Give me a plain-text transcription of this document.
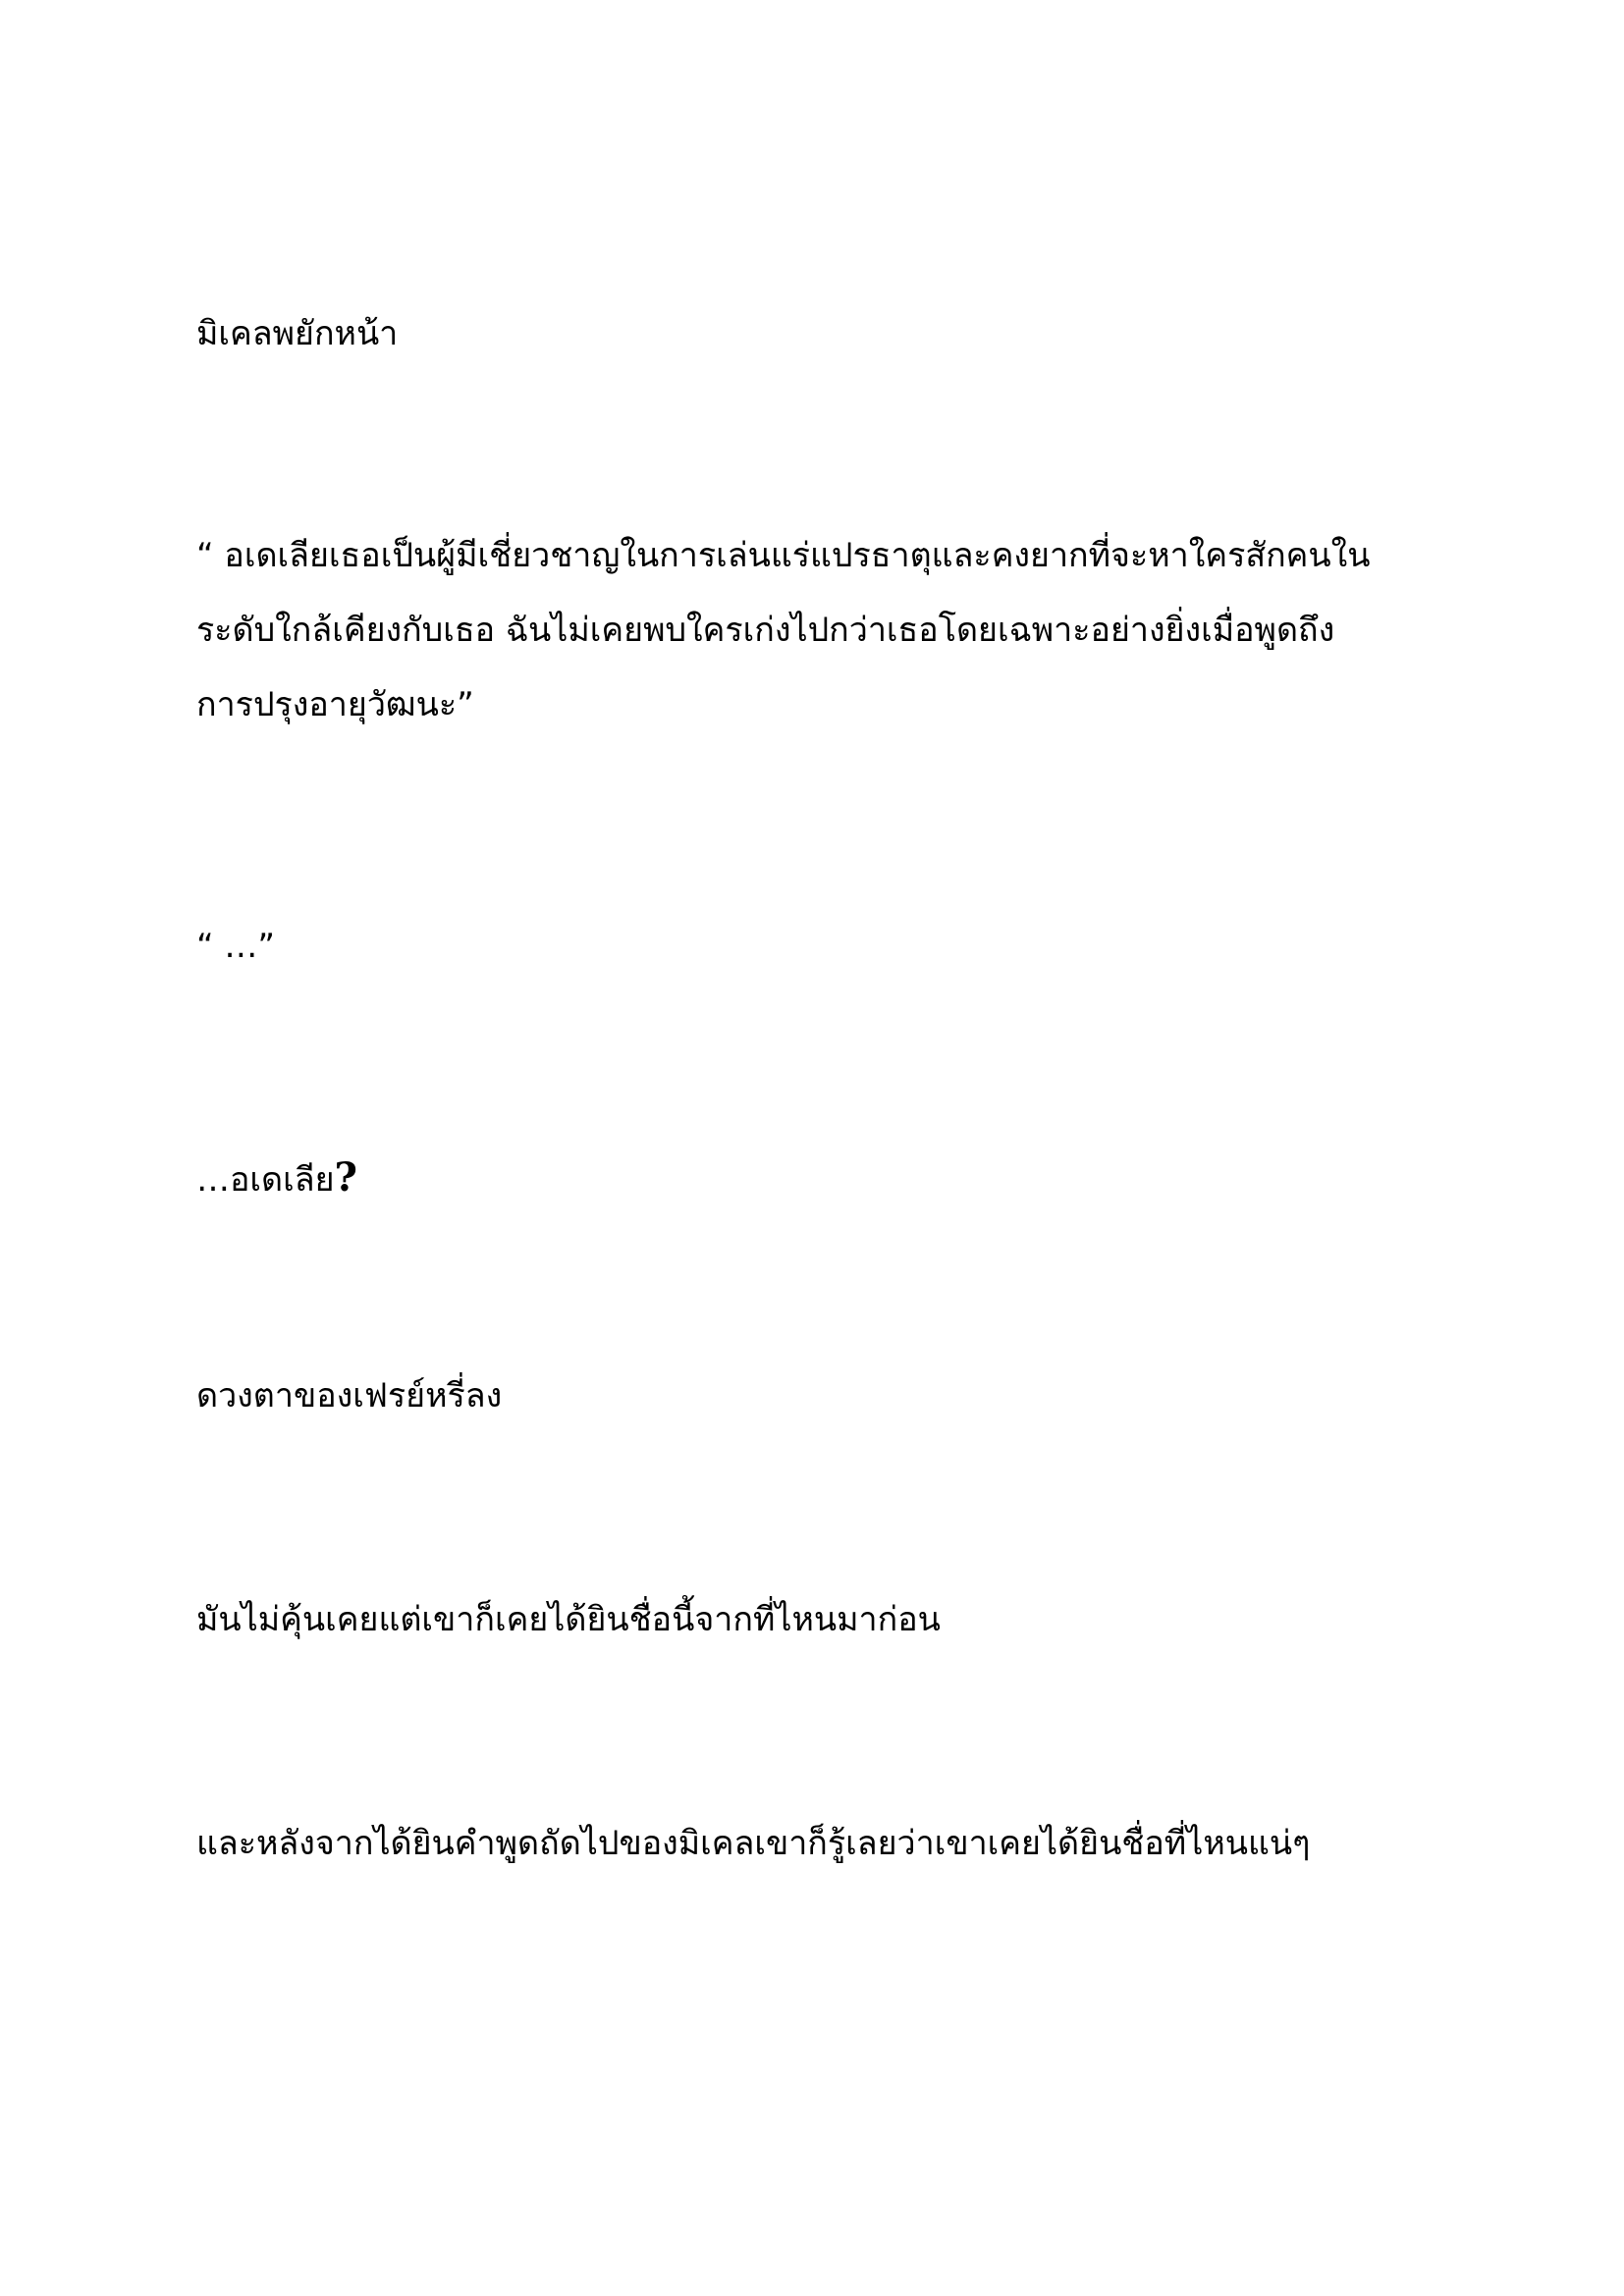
มิเคลพยักหน้า
“ อเดเลียเธอเป็นผู้มีเชี่ยวชาญในการเล่นแร่แปรธาตุและคงยากที่จะหาใครสักคนใน
ระดับใกล้เคียงกับเธอ ฉันไม่เคยพบใครเก่งไปกว่าเธอโดยเฉพาะอย่างยิ่งเมื่อพูดถึง
การปรุงอายุวัฒนะ”
“ …”
…อเดเลีย?
ดวงตาของเฟรย์หรี่ลง
มันไม่คุ้นเคยแต่เขาก็เคยได้ยินชื่อนี้จากที่ไหนมาก่อน
และหลังจากได้ยินคำพูดถัดไปของมิเคลเขาก็รู้เลยว่าเขาเคยได้ยินชื่อที่ไหนแน่ๆ
